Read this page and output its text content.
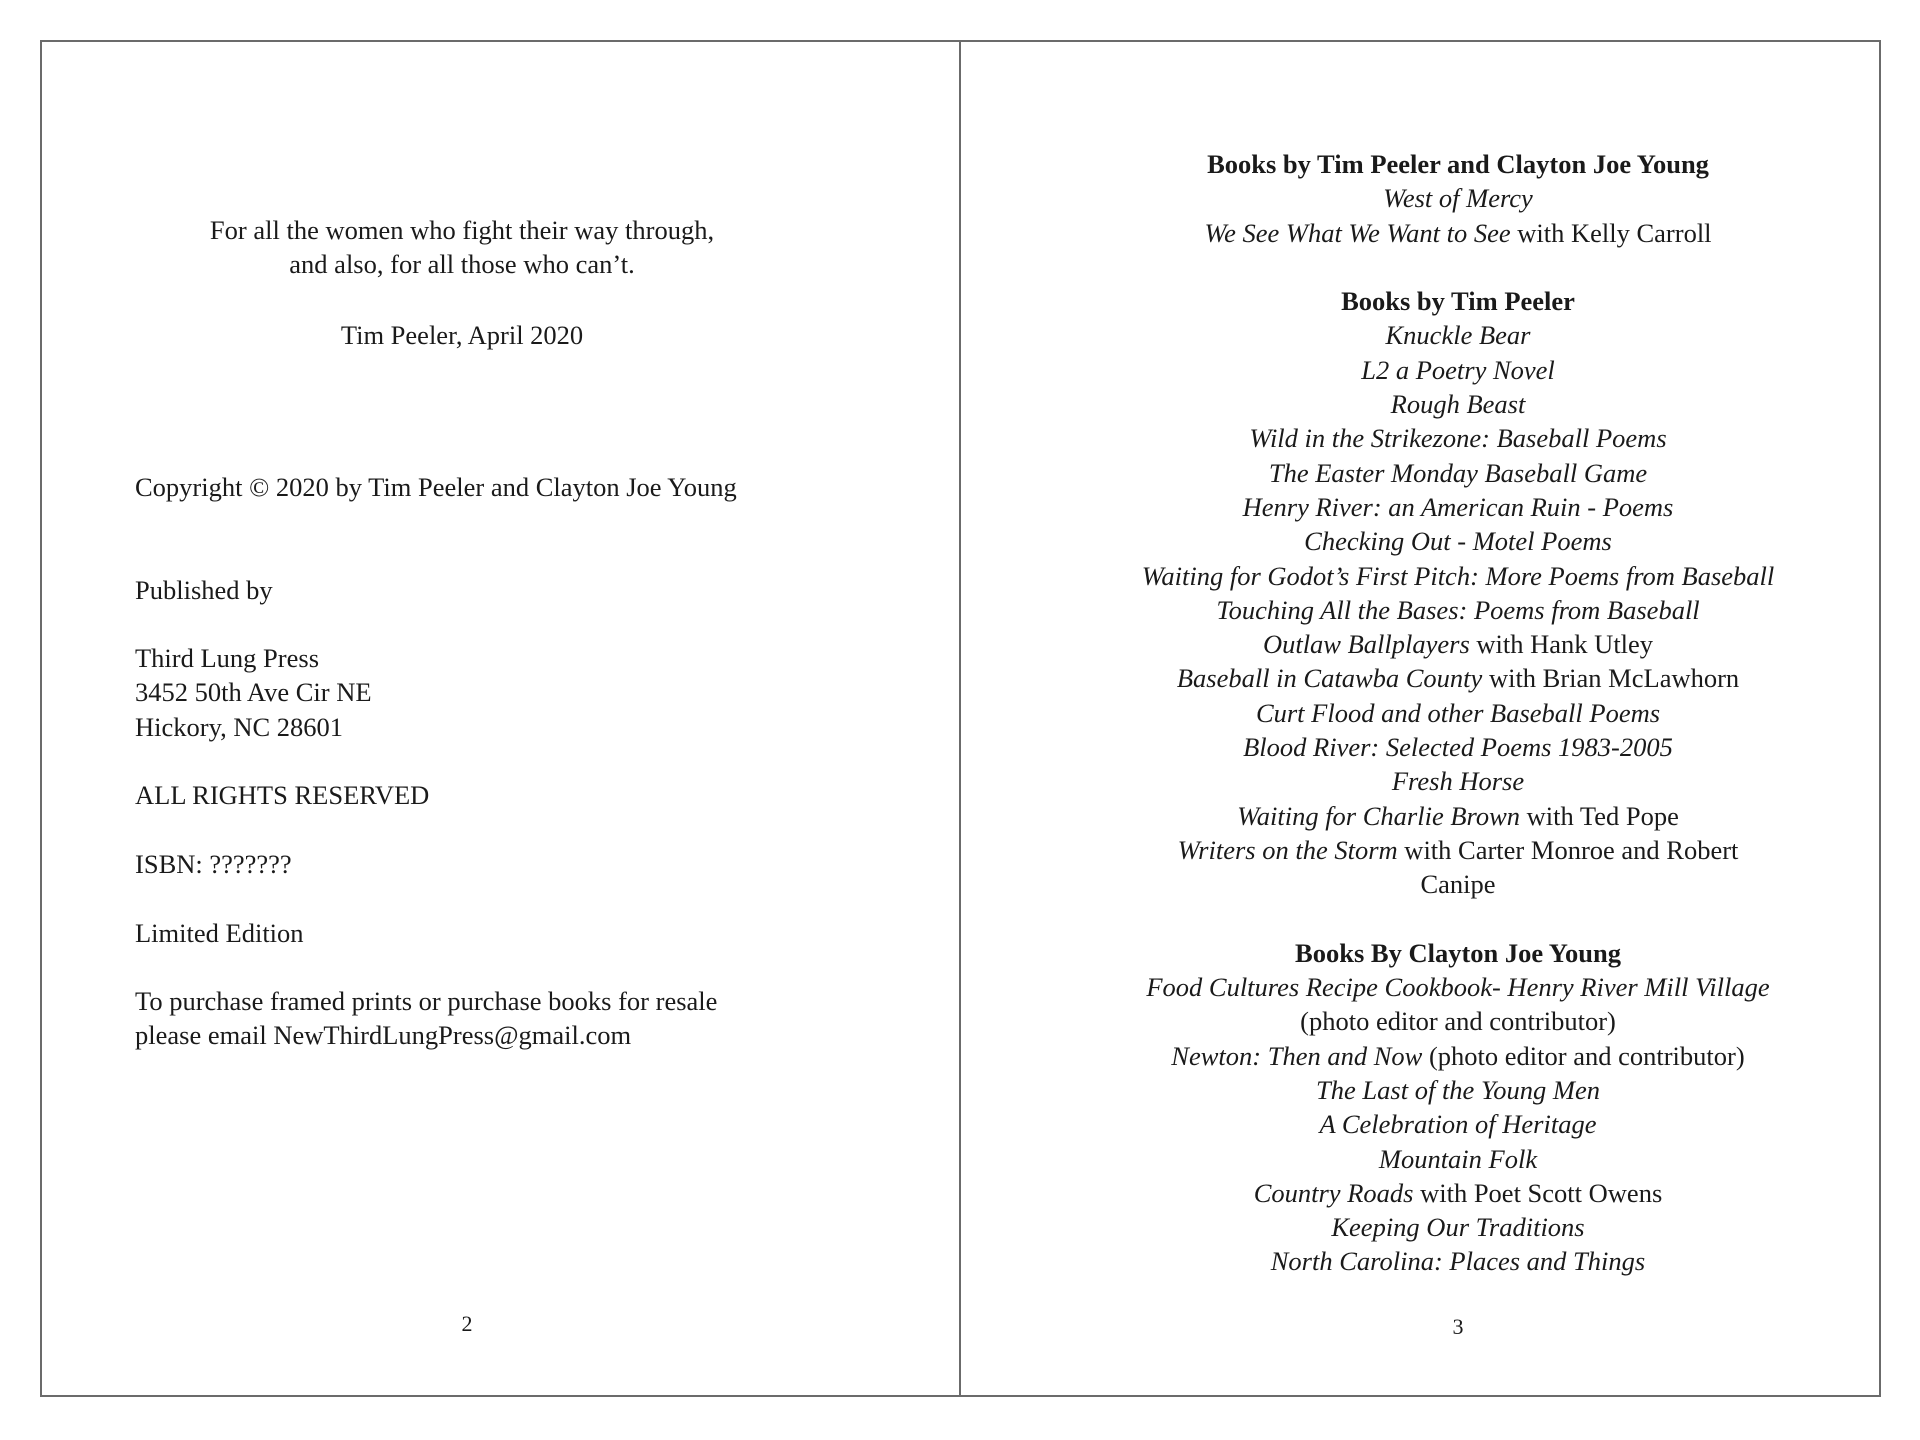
For all the women who fight their way through,
and also, for all those who can’t.
Tim Peeler, April 2020
Copyright © 2020 by Tim Peeler and Clayton Joe Young
Published by
Third Lung Press
3452 50th Ave Cir NE
Hickory, NC 28601
ALL RIGHTS RESERVED
ISBN: ???????
Limited Edition
To purchase framed prints or purchase books for resale
please email NewThirdLungPress@gmail.com
2
Books by Tim Peeler and Clayton Joe Young
West of Mercy
We See What We Want to See with Kelly Carroll
Books by Tim Peeler
Knuckle Bear
L2 a Poetry Novel
Rough Beast
Wild in the Strikezone: Baseball Poems
The Easter Monday Baseball Game
Henry River: an American Ruin - Poems
Checking Out - Motel Poems
Waiting for Godot’s First Pitch: More Poems from Baseball
Touching All the Bases: Poems from Baseball
Outlaw Ballplayers with Hank Utley
Baseball in Catawba County with Brian McLawhorn
Curt Flood and other Baseball Poems
Blood River: Selected Poems 1983-2005
Fresh Horse
Waiting for Charlie Brown with Ted Pope
Writers on the Storm with Carter Monroe and Robert
Canipe
Books By Clayton Joe Young
Food Cultures Recipe Cookbook- Henry River Mill Village
(photo editor and contributor)
Newton: Then and Now (photo editor and contributor)
The Last of the Young Men
A Celebration of Heritage
Mountain Folk
Country Roads with Poet Scott Owens
Keeping Our Traditions
North Carolina: Places and Things
3
